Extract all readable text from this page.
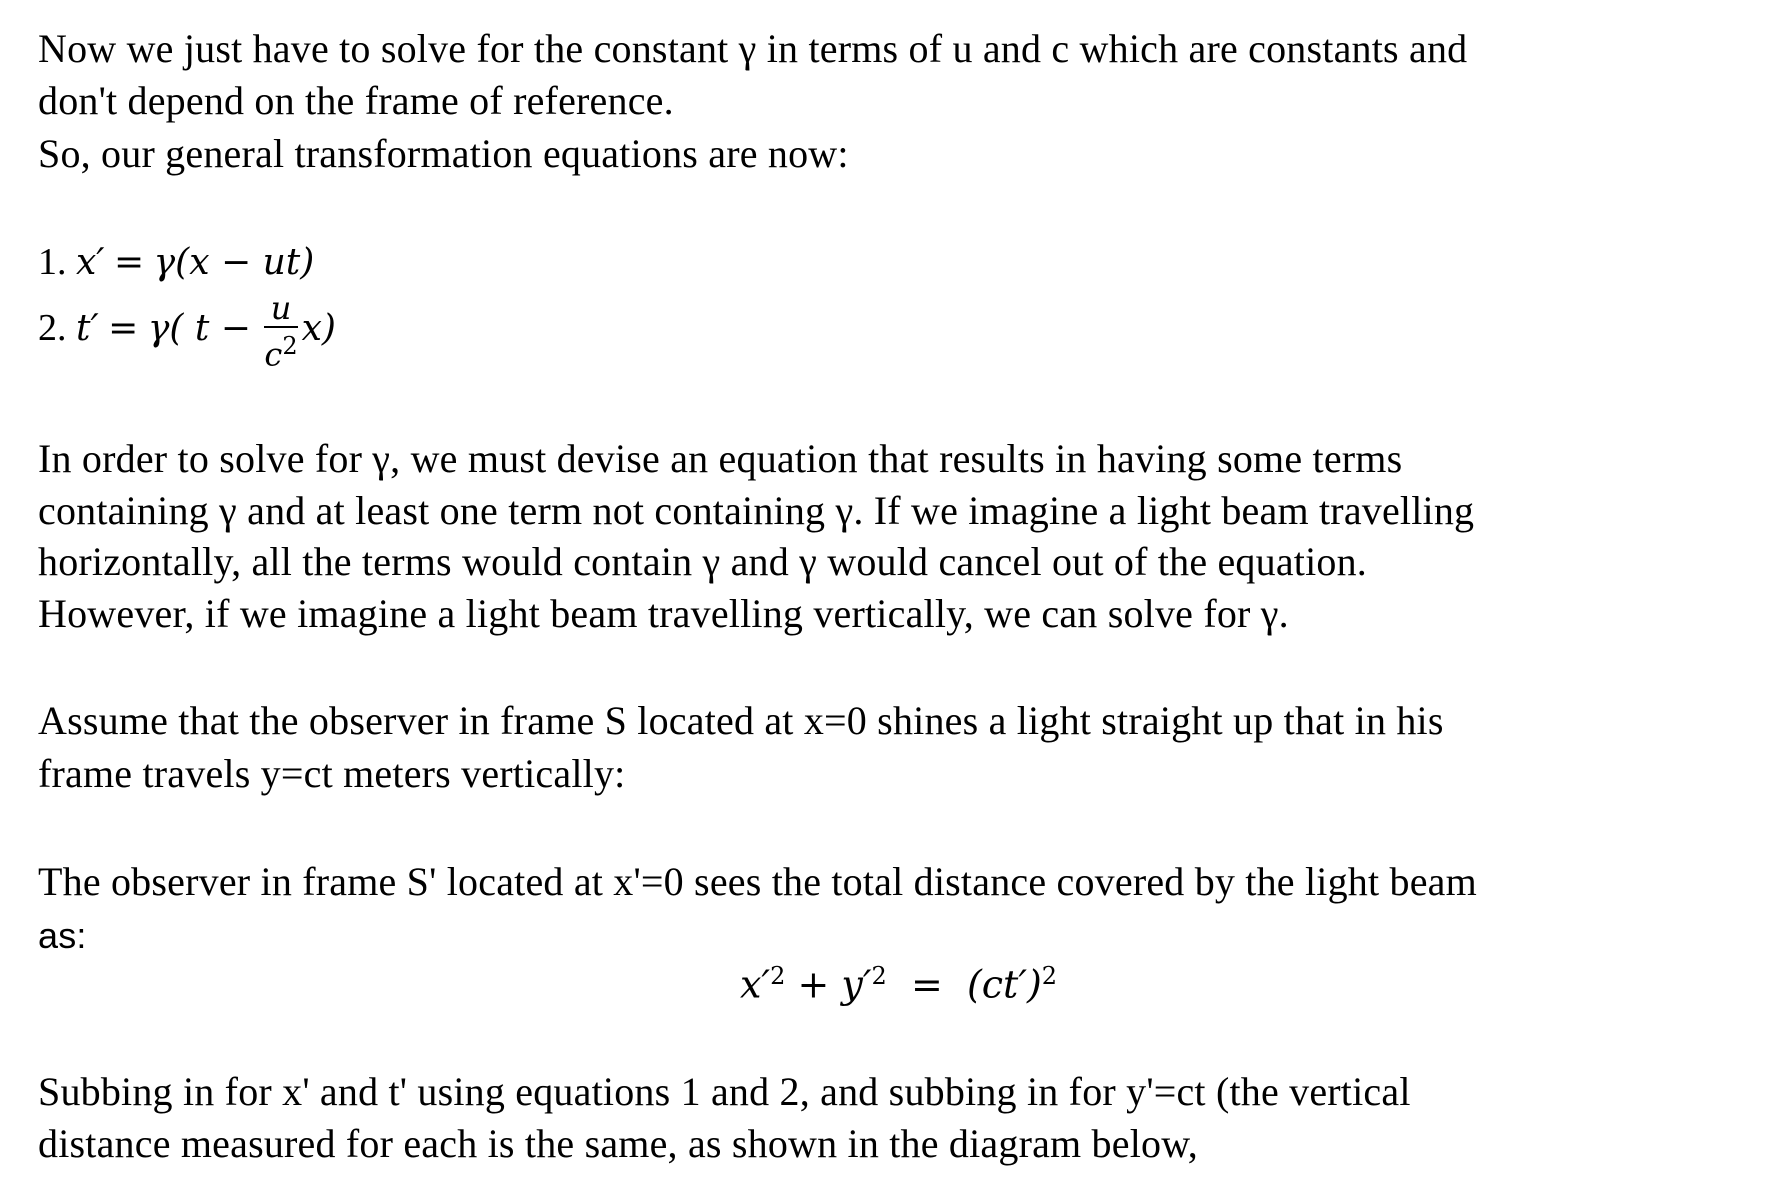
Now we just have to solve for the constant γ in terms of u and c which are constants and
don't depend on the frame of reference.
So, our general transformation equations are now:
1. x′ = γ(x − ut)
2. t′ = γ( $t - \frac{u}{c^2} x$)
In order to solve for γ, we must devise an equation that results in having some terms
containing γ and at least one term not containing γ. If we imagine a light beam travelling
horizontally, all the terms would contain γ and γ would cancel out of the equation.
However, if we imagine a light beam travelling vertically, we can solve for γ.
Assume that the observer in frame S located at x=0 shines a light straight up that in his
frame travels y=ct meters vertically:
The observer in frame S' located at x'=0 sees the total distance covered by the light beam
as:
$x'^2 + y'^2 = (ct')^2$
Subbing in for x' and t' using equations 1 and 2, and subbing in for y'=ct (the vertical
distance measured for each is the same, as shown in the diagram below,
